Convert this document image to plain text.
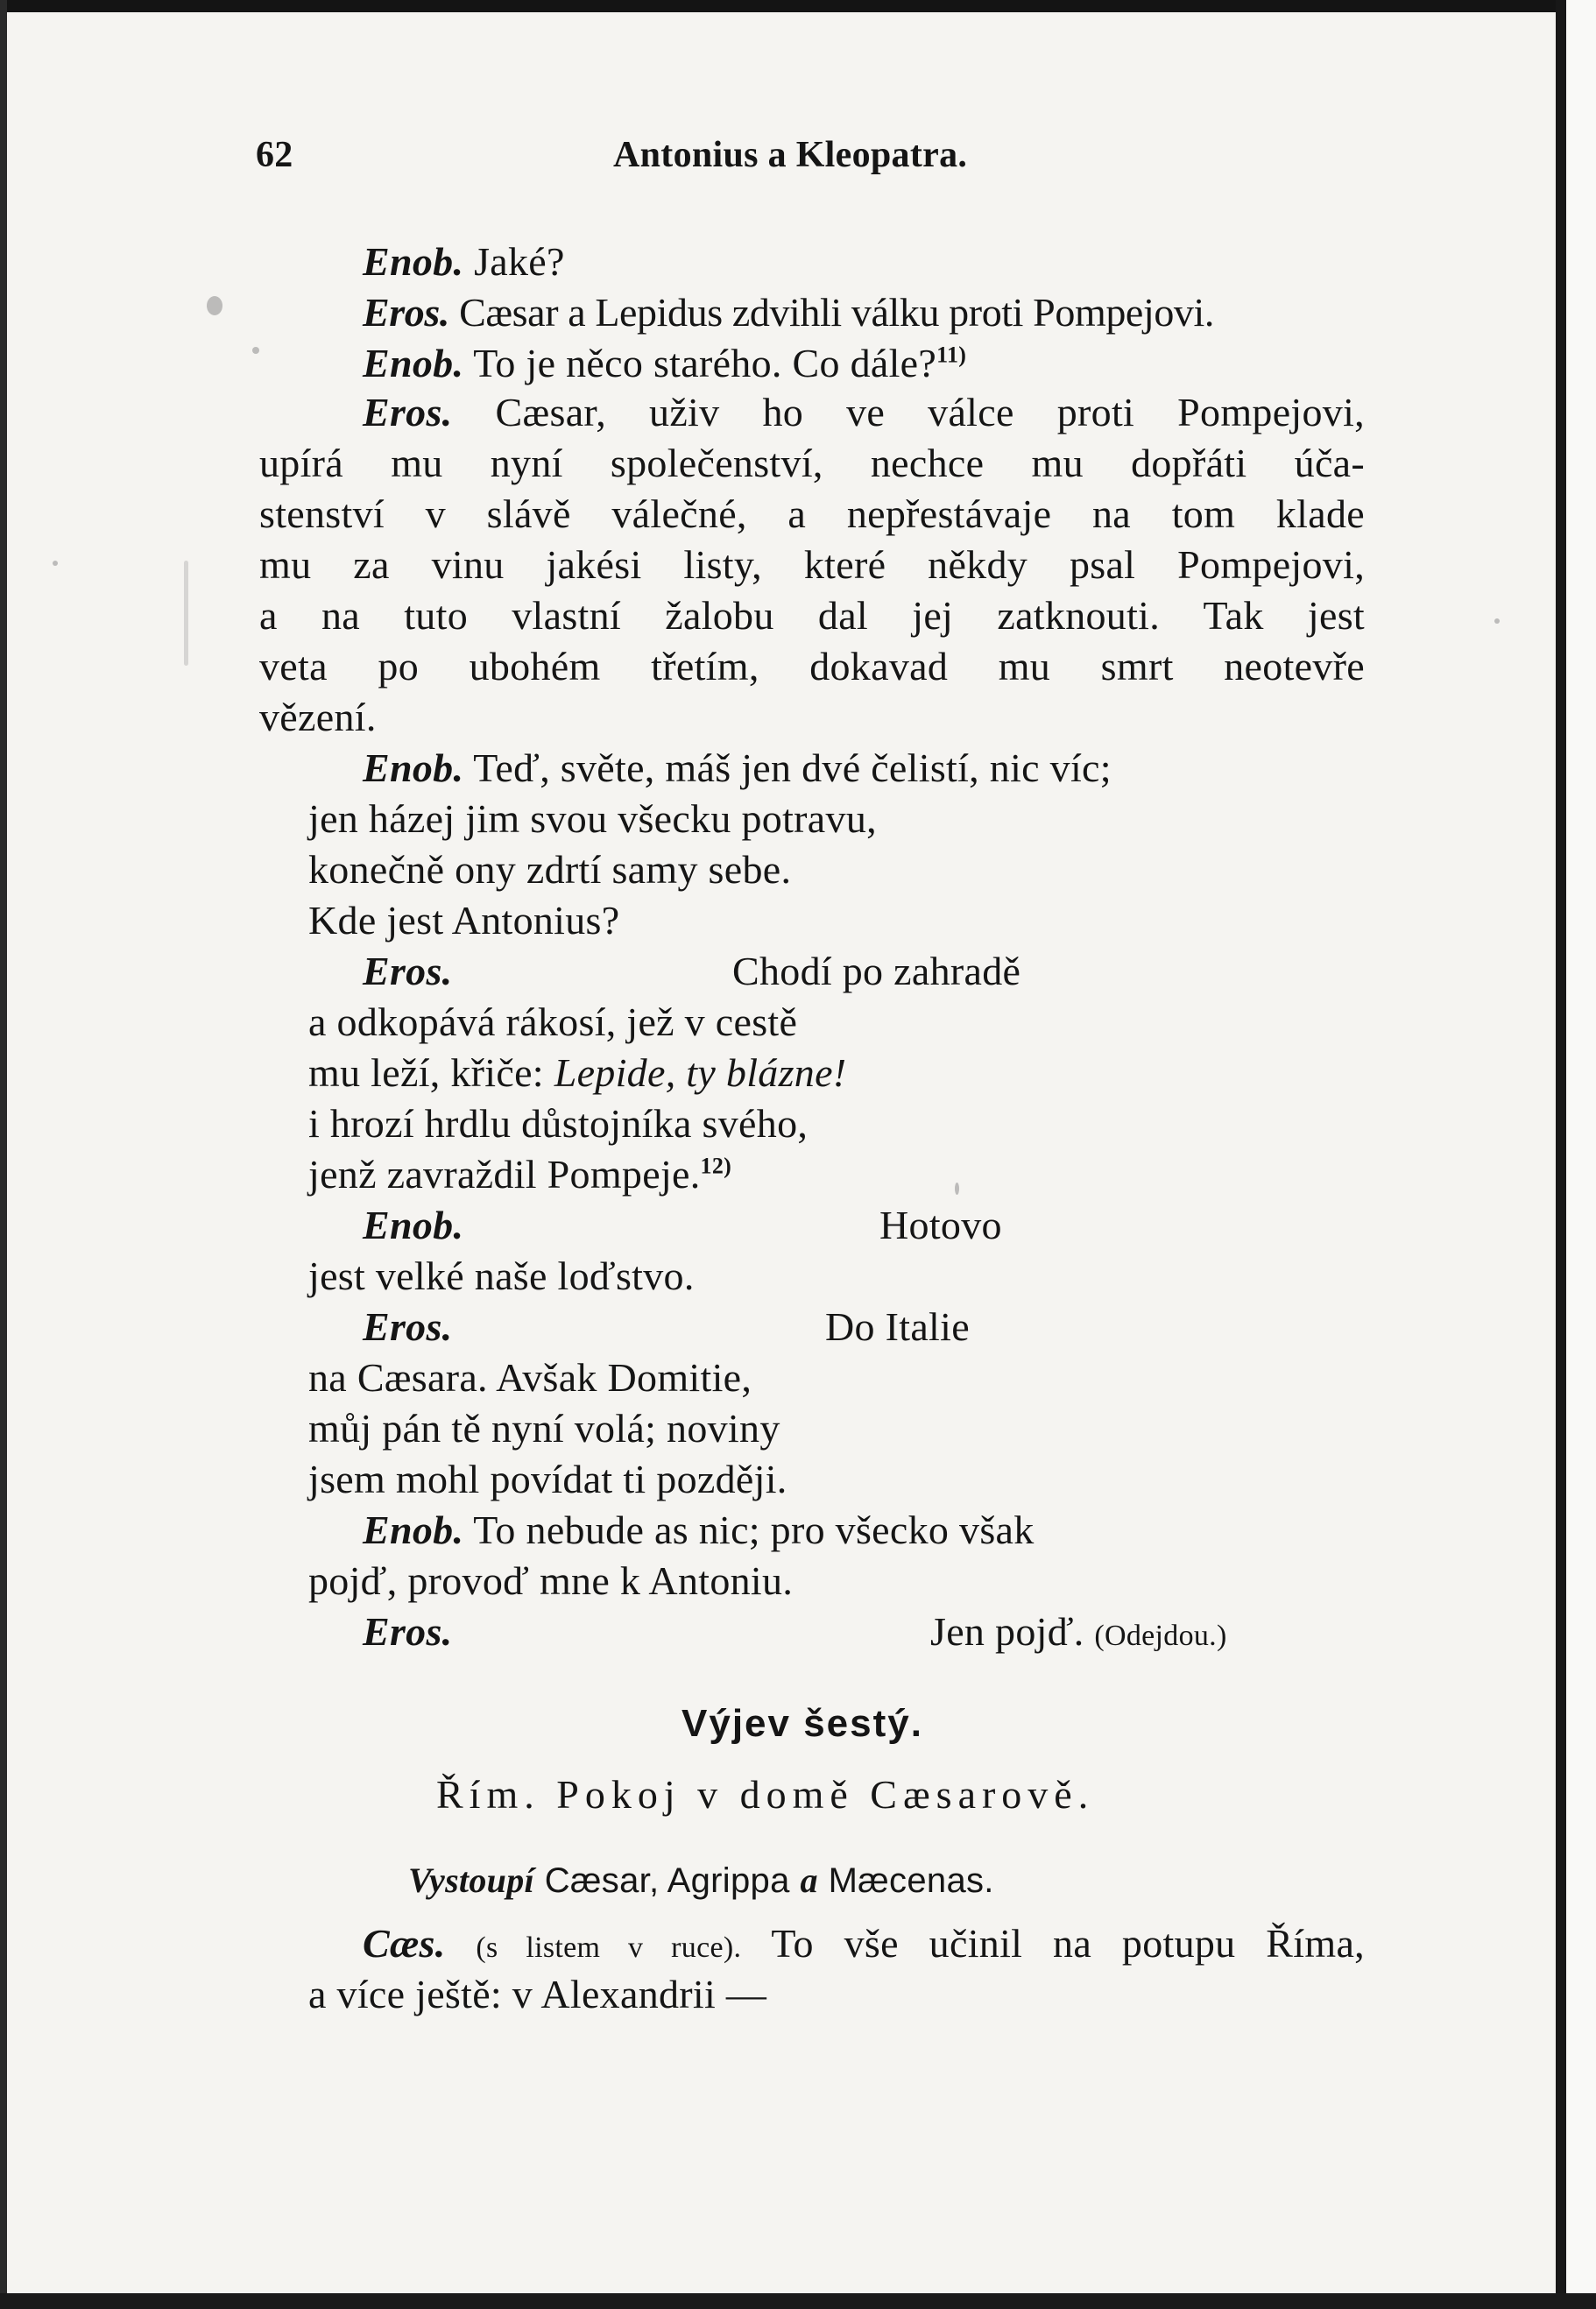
62	Antonius a Kleopatra.
Enob. Jaké?
Eros. Cæsar a Lepidus zdvihli válku proti Pompejovi.
Enob. To je něco starého. Co dále?$^{11)}$
Eros. Cæsar, uživ ho ve válce proti Pompejovi,
upírá mu nyní společenství, nechce mu dopřáti úča-
stenství v slávě válečné, a nepřestávaje na tom klade
mu za vinu jakési listy, které někdy psal Pompejovi,
a na tuto vlastní žalobu dal jej zatknouti. Tak jest
veta po ubohém třetím, dokavad mu smrt neotevře
vězení.
Enob. Teď, světe, máš jen dvé čelistí, nic víc;
jen házej jim svou všecku potravu,
konečně ony zdrtí samy sebe.
Kde jest Antonius?
Eros.	Chodí po zahradě
a odkopává rákosí, jež v cestě
mu leží, křiče: Lepide, ty blázne!
i hrozí hrdlu důstojníka svého,
jenž zavraždil Pompeje.$^{12)}$
Enob.	Hotovo
jest velké naše loďstvo.
Eros.	Do Italie
na Cæsara. Avšak Domitie,
můj pán tě nyní volá; noviny
jsem mohl povídat ti později.
Enob. To nebude as nic; pro všecko však
pojď, provoď mne k Antoniu.
Eros.	Jen pojď. (Odejdou.)
Výjev šestý.
Řím. Pokoj v domě Cæsarově.
Vystoupí Cæsar, Agrippa a Mæcenas.
Cæs. (s listem v ruce). To vše učinil na potupu Říma,
a více ještě: v Alexandrii —
